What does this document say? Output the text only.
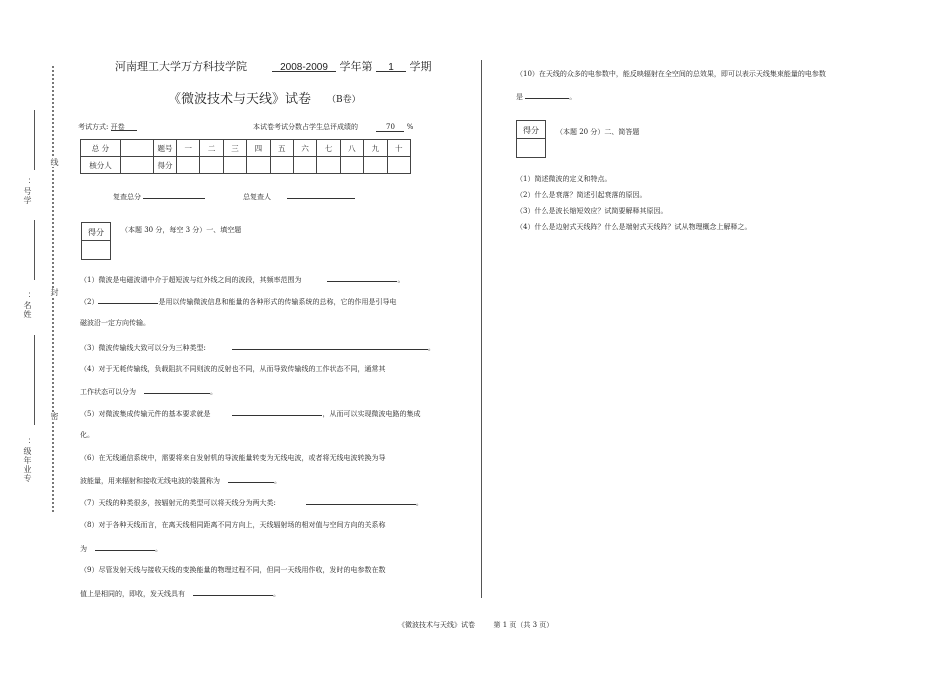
线
封
密
：号学
：名姓
：级年业专
河南理工大学万方科技学院	2008-2009 学年第 1 学期
《微波技术与天线》试卷 （B卷）
考试方式: 开卷	本试卷考试分数占学生总评成绩的	70 %
总 分		题号	一	二	三	四	五	六	七	八	九	十
核分人		得分										
复查总分	总复查人
得分	（本题 30 分，每空 3 分）一、填空题
（1）微波是电磁波谱中介于超短波与红外线之间的波段，其频率范围为	。
（2）	是用以传输微波信息和能量的各种形式的传输系统的总称，它的作用是引导电
磁波沿一定方向传输。
（3）微波传输线大致可以分为三种类型:	。
（4）对于无耗传输线，负载阻抗不同则波的反射也不同，从而导致传输线的工作状态不同，通常其
工作状态可以分为	。
（5）对微波集成传输元件的基本要求就是	，从而可以实现微波电路的集成
化。
（6）在无线通信系统中，需要将来自发射机的导波能量转变为无线电波，或者将无线电波转换为导
波能量，用来辐射和接收无线电波的装置称为	。
（7）天线的种类很多，按辐射元的类型可以将天线分为两大类:	。
（8）对于各种天线而言，在离天线相同距离不同方向上，天线辐射场的相对值与空间方向的关系称
为	。
（9）尽管发射天线与接收天线的变换能量的物理过程不同，但同一天线用作收，发时的电参数在数
值上是相同的，即收，发天线具有	。
（10）在天线的众多的电参数中，能反映辐射在全空间的总效果，即可以表示天线集束能量的电参数
是	。
得分	（本题 20 分）二、简答题
（1）简述微波的定义和特点。
（2）什么是衰落？简述引起衰落的原因。
（3）什么是波长缩短效应？试简要解释其原因。
（4）什么是边射式天线阵？什么是端射式天线阵？试从物理概念上解释之。
《微波技术与天线》试卷	第 1 页（共 3 页）
